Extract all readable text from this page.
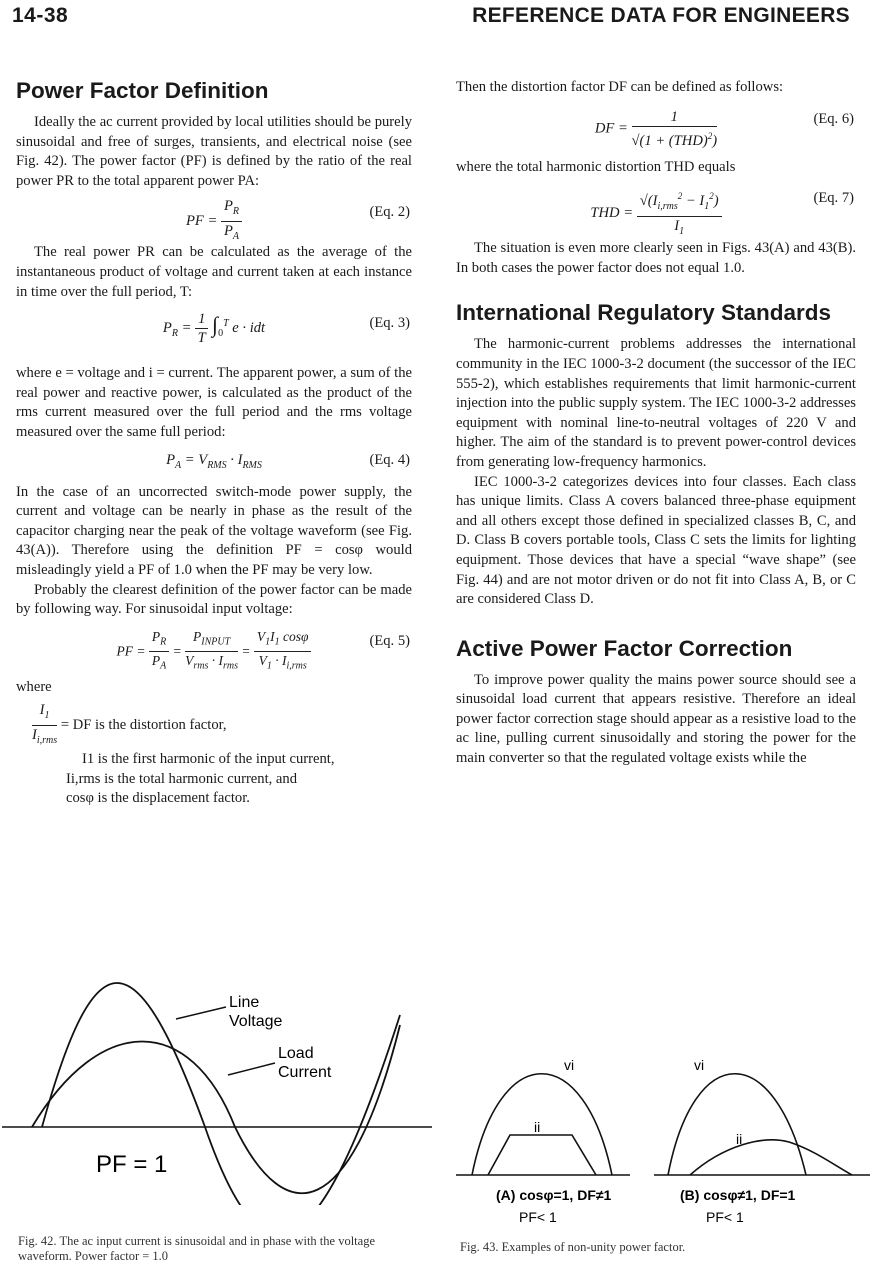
14-38	REFERENCE DATA FOR ENGINEERS
Power Factor Definition

Ideally the ac current provided by local utilities should be purely sinusoidal and free of surges, transients, and electrical noise (see Fig. 42). The power factor (PF) is defined by the ratio of the real power PR to the total apparent power PA:

PF = $\frac{P_R}{P_A}$	(Eq. 2)

The real power PR can be calculated as the average of the instantaneous product of voltage and current taken at each instance in time over the full period, T:

$P_R = \frac{1}{T} \int_0^T$ e · idt	(Eq. 3)

where e = voltage and i = current. The apparent power, a sum of the real power and reactive power, is calculated as the product of the rms current measured over the full period and the rms voltage measured over the same full period:

$P_A = V_{RMS} \cdot I_{RMS}$	(Eq. 4)

In the case of an uncorrected switch-mode power supply, the current and voltage can be nearly in phase as the result of the capacitor charging near the peak of the voltage waveform (see Fig. 43(A)). Therefore using the definition PF = cosφ would misleadingly yield a PF of 1.0 when the PF may be very low.

Probably the clearest definition of the power factor can be made by following way. For sinusoidal input voltage:

PF = $\frac{P_R}{P_A} = \frac{P_{INPUT}}{V_{rms} \cdot I_{rms}} = \frac{V_1I_1 \cos\varphi}{V_1 \cdot I_{i,rms}}$	(Eq. 5)

where

$\frac{I_1}{I_{i,rms}}$ = DF is the distortion factor,
I1 is the first harmonic of the input current,
Ii,rms is the total harmonic current, and
cosφ is the displacement factor.
Line
Voltage
Load
Current
PF = 1
Fig. 42. The ac input current is sinusoidal and in phase with the voltage waveform. Power factor = 1.0

Then the distortion factor DF can be defined as follows:

DF = $\frac{1}{√(1 + (THD)^2)}$	(Eq. 6)

where the total harmonic distortion THD equals

THD = $\frac{√(I_{i,rms}^2 - I_1^2)}{I_1}$	(Eq. 7)

The situation is even more clearly seen in Figs. 43(A) and 43(B). In both cases the power factor does not equal 1.0.

International Regulatory Standards

The harmonic-current problems addresses the international community in the IEC 1000-3-2 document (the successor of the IEC 555-2), which establishes requirements that limit harmonic-current injection into the public supply system. The IEC 1000-3-2 addresses equipment with nominal line-to-neutral voltages of 220 V and higher. The aim of the standard is to prevent power-control devices from generating low-frequency harmonics.

IEC 1000-3-2 categorizes devices into four classes. Each class has unique limits. Class A covers balanced three-phase equipment and all others except those defined in specialized classes B, C, and D. Class B covers portable tools, Class C sets the limits for lighting equipment. Those devices that have a special “wave shape” (see Fig. 44) and are not motor driven or do not fit into Class A, B, or C are considered Class D.

Active Power Factor Correction

To improve power quality the mains power source should see a sinusoidal load current that appears resistive. Therefore an ideal power factor correction stage should appear as a resistive load to the ac line, pulling current sinusoidally and storing the power for the main converter so that the regulated voltage exists while the

vi
ii
(A) cosφ=1, DF≠1
PF< 1
vi
ii
(B) cosφ≠1, DF=1
PF< 1
Fig. 43. Examples of non-unity power factor.
